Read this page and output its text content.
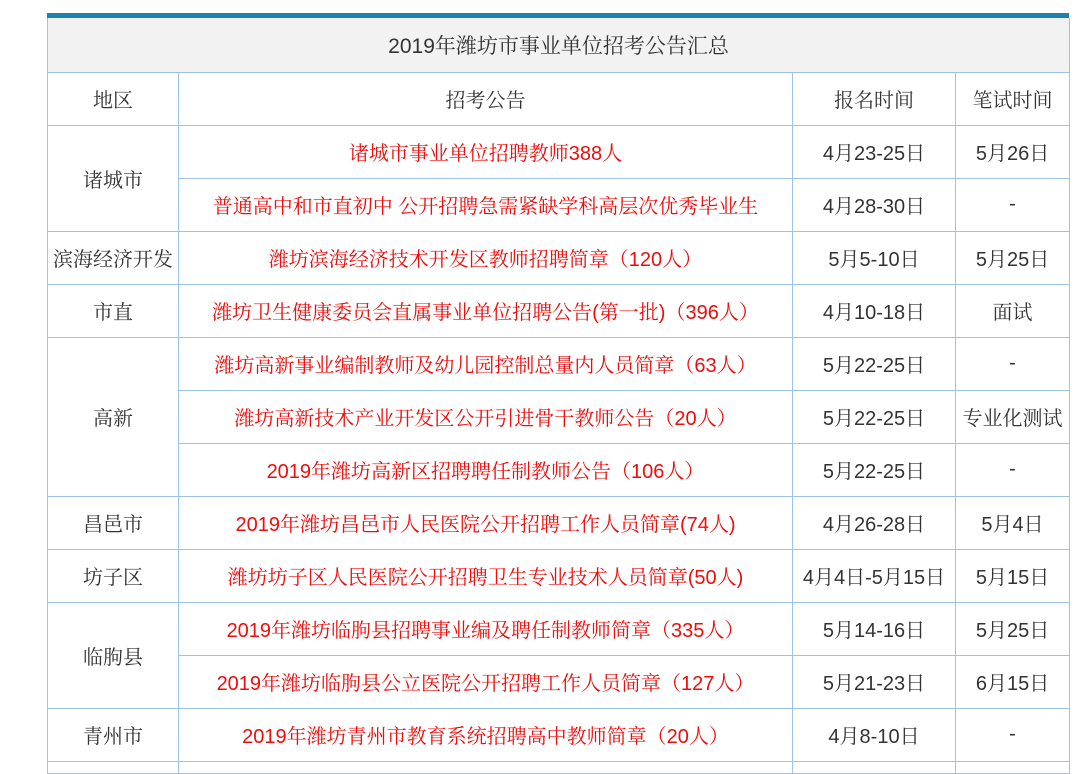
2019年潍坊市事业单位招考公告汇总			
地区	招考公告	报名时间	笔试时间
诸城市	诸城市事业单位招聘教师388人	4月23-25日	5月26日
	普通高中和市直初中 公开招聘急需紧缺学科高层次优秀毕业生	4月28-30日	-
滨海经济开发	潍坊滨海经济技术开发区教师招聘简章（120人）	5月5-10日	5月25日
市直	潍坊卫生健康委员会直属事业单位招聘公告(第一批)（396人）	4月10-18日	面试
高新	潍坊高新事业编制教师及幼儿园控制总量内人员简章（63人）	5月22-25日	-
	潍坊高新技术产业开发区公开引进骨干教师公告（20人）	5月22-25日	专业化测试
	2019年潍坊高新区招聘聘任制教师公告（106人）	5月22-25日	-
昌邑市	2019年潍坊昌邑市人民医院公开招聘工作人员简章(74人)	4月26-28日	5月4日
坊子区	潍坊坊子区人民医院公开招聘卫生专业技术人员简章(50人)	4月4日-5月15日	5月15日
临朐县	2019年潍坊临朐县招聘事业编及聘任制教师简章（335人）	5月14-16日	5月25日
	2019年潍坊临朐县公立医院公开招聘工作人员简章（127人）	5月21-23日	6月15日
青州市	2019年潍坊青州市教育系统招聘高中教师简章（20人）	4月8-10日	-
